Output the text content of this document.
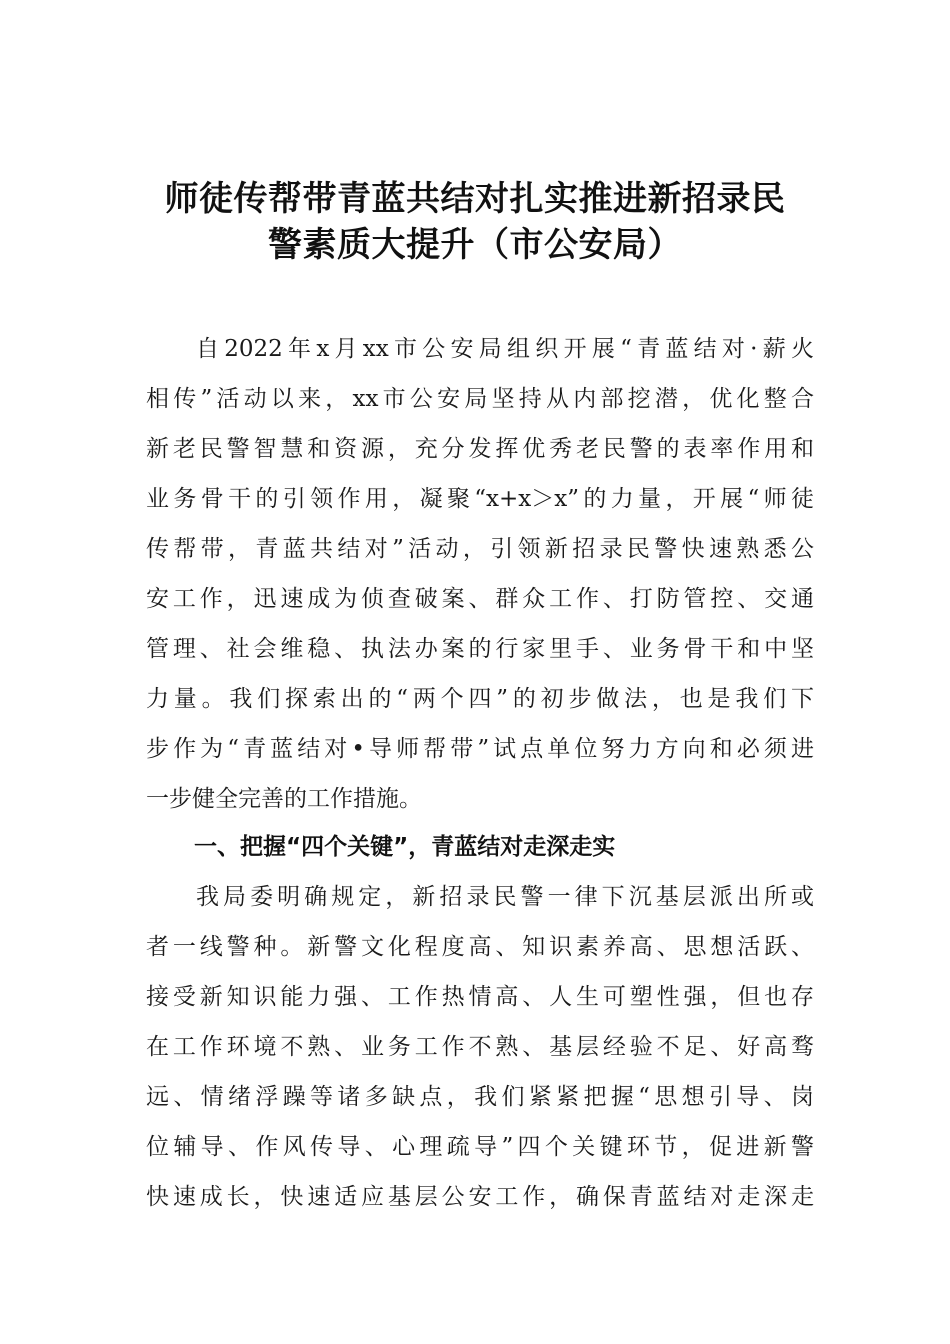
师徒传帮带青蓝共结对扎实推进新招录民
警素质大提升（市公安局）

自2022年x月xx市公安局组织开展“青蓝结对·薪火

相传”活动以来，xx市公安局坚持从内部挖潜，优化整合

新老民警智慧和资源，充分发挥优秀老民警的表率作用和

业务骨干的引领作用，凝聚“x+x＞x”的力量，开展“师徒

传帮带，青蓝共结对”活动，引领新招录民警快速熟悉公

安工作，迅速成为侦查破案、群众工作、打防管控、交通

管理、社会维稳、执法办案的行家里手、业务骨干和中坚

力量。我们探索出的“两个四”的初步做法，也是我们下

步作为“青蓝结对•导师帮带”试点单位努力方向和必须进

一步健全完善的工作措施。

一、把握“四个关键”，青蓝结对走深走实

我局委明确规定，新招录民警一律下沉基层派出所或

者一线警种。新警文化程度高、知识素养高、思想活跃、

接受新知识能力强、工作热情高、人生可塑性强，但也存

在工作环境不熟、业务工作不熟、基层经验不足、好高骛

远、情绪浮躁等诸多缺点，我们紧紧把握“思想引导、岗

位辅导、作风传导、心理疏导”四个关键环节，促进新警

快速成长，快速适应基层公安工作，确保青蓝结对走深走
